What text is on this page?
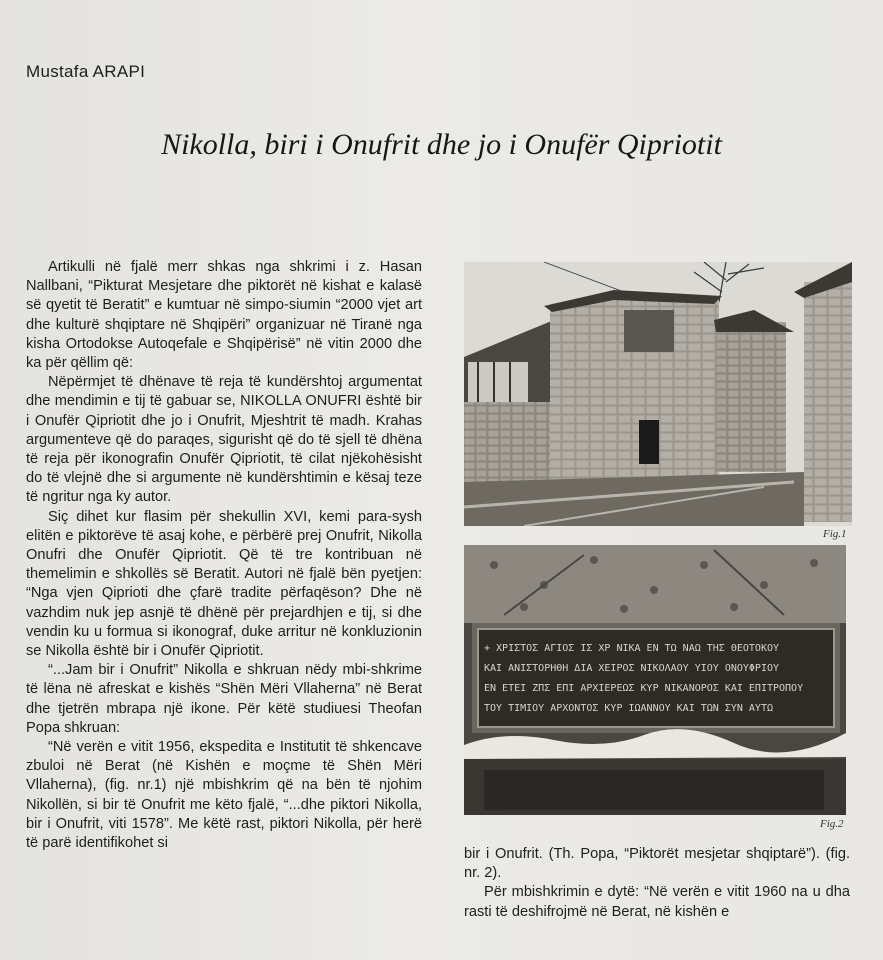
Mustafa ARAPI
Nikolla, biri i Onufrit dhe jo i Onufër Qipriotit

Artikulli në fjalë merr shkas nga shkrimi i z. Hasan Nallbani, “Pikturat Mesjetare dhe piktorët në kishat e kalasë së qyetit të Beratit” e kumtuar në simpo-siumin “2000 vjet art dhe kulturë shqiptare në Shqipëri” organizuar në Tiranë nga kisha Ortodokse Autoqefale e Shqipërisë” në vitin 2000 dhe ka për qëllim që:

Nëpërmjet të dhënave të reja të kundërshtoj argumentat dhe mendimin e tij të gabuar se, NIKOLLA ONUFRI është bir i Onufër Qipriotit dhe jo i Onufrit, Mjeshtrit të madh. Krahas argumenteve që do paraqes, sigurisht që do të sjell të dhëna të reja për ikonografin Onufër Qipriotit, të cilat njëkohësisht do të vlejnë dhe si argumente në kundërshtimin e kësaj teze të ngritur nga ky autor.

Siç dihet kur flasim për shekullin XVI, kemi para-sysh elitën e piktorëve të asaj kohe, e përbërë prej Onufrit, Nikolla Onufri dhe Onufër Qipriotit. Që të tre kontribuan në themelimin e shkollës së Beratit. Autori në fjalë bën pyetjen: “Nga vjen Qiprioti dhe çfarë tradite përfaqëson? Dhe në vazhdim nuk jep asnjë të dhënë për prejardhjen e tij, si dhe vendin ku u formua si ikonograf, duke arritur në konkluzionin se Nikolla është bir i Onufër Qipriotit.

“...Jam bir i Onufrit” Nikolla e shkruan nëdy mbi-shkrime të lëna në afreskat e kishës “Shën Mëri Vllaherna” në Berat dhe tjetrën mbrapa një ikone. Për këtë studiuesi Theofan Popa shkruan:

“Në verën e vitit 1956, ekspedita e Institutit të shkencave zbuloi në Berat (në Kishën e moçme të Shën Mëri Vllaherna), (fig. nr.1) një mbishkrim që na bën të njohim Nikollën, si bir të Onufrit me këto fjalë, “...dhe piktori Nikolla, bir i Onufrit, viti 1578”. Me këtë rast, piktori Nikolla, për herë të parë identifikohet si

Fig.1
+ ΧΡΙΣΤΟΣ ΑΓΙΟΣ ΙΣ ΧΡ ΝΙΚΑ ΕΝ ΤΩ ΝΑΩ ΤΗΣ ΘΕΟΤΟΚΟΥ
ΚΑΙ ΑΝΙΣΤΟΡΗΘΗ ΔΙΑ ΧΕΙΡΟΣ ΝΙΚΟΛΑΟΥ ΥΙΟΥ ΟΝΟΥΦΡΙΟΥ
ΕΝ ΕΤΕΙ ΖΠΣ ΕΠΙ ΑΡΧΙΕΡΕΩΣ ΚΥΡ ΝΙΚΑΝΟΡΟΣ ΚΑΙ ΕΠΙΤΡΟΠΟΥ
ΤΟΥ ΤΙΜΙΟΥ ΑΡΧΟΝΤΟΣ ΚΥΡ ΙΩΑΝΝΟΥ ΚΑΙ ΤΩΝ ΣΥΝ ΑΥΤΩ
Fig.2

bir i Onufrit. (Th. Popa, “Piktorët mesjetar shqiptarë”). (fig. nr. 2).

Për mbishkrimin e dytë: “Në verën e vitit 1960 na u dha rasti të deshifrojmë në Berat, në kishën e
